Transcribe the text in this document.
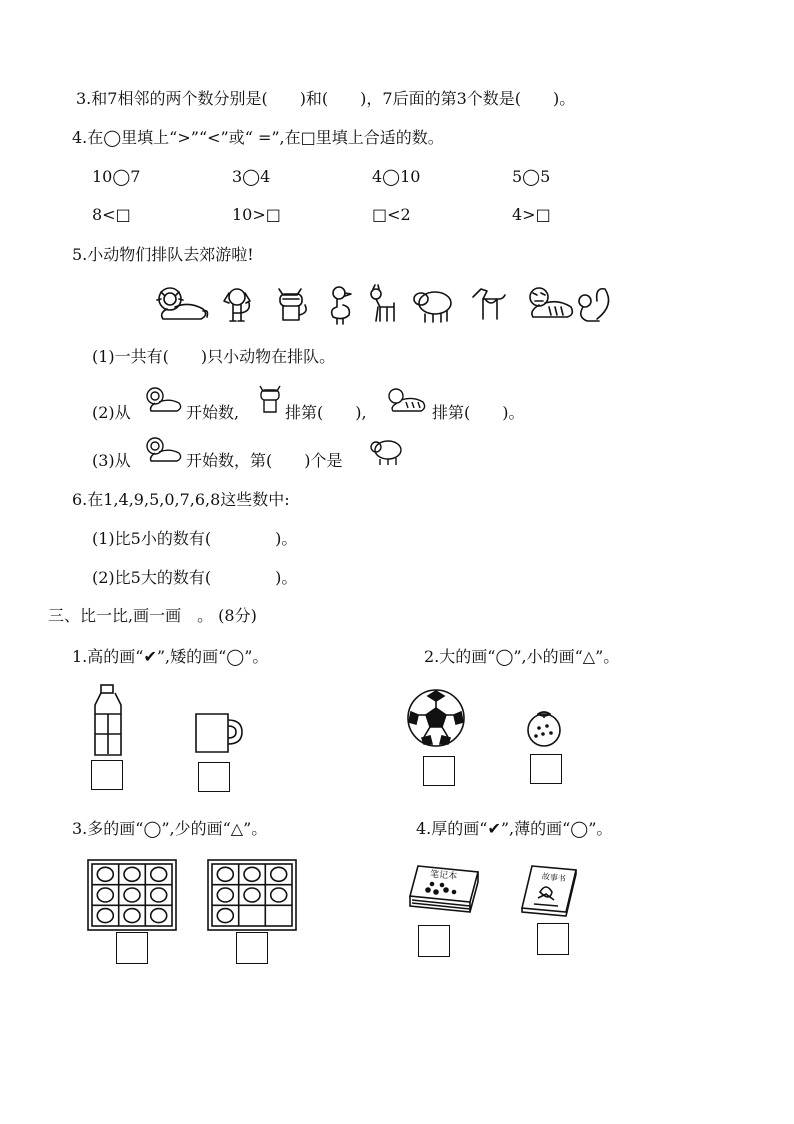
3.和7相邻的两个数分别是(　　)和(　　)，7后面的第3个数是(　　)。
4.在◯里填上“>”“<”或“ =”,在□里填上合适的数。
10◯7	3◯4	4◯10	5◯5
8<□	10>□	□<2	4>□
5.小动物们排队去郊游啦!
(1)一共有(　　)只小动物在排队。
(2)从	开始数,	排第(　　),	排第(　　)。
(3)从	开始数，第(　　)个是
6.在1,4,9,5,0,7,6,8这些数中:
(1)比5小的数有(　　　　)。
(2)比5大的数有(　　　　)。
三、比一比,画一画　。 (8分)
1.高的画“✔”,矮的画“◯”。	2.大的画“◯”,小的画“△”。
3.多的画“◯”,少的画“△”。	4.厚的画“✔”,薄的画“◯”。
笔记本	故事书
